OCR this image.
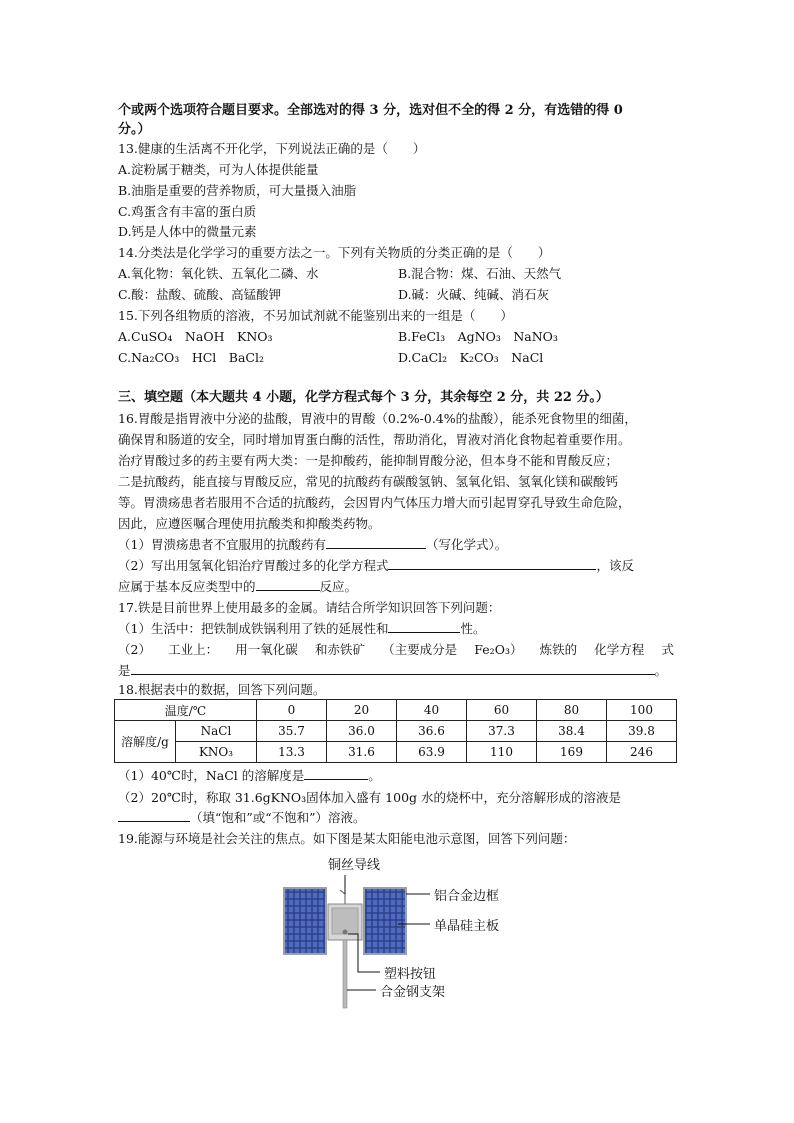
个或两个选项符合题目要求。全部选对的得 3 分，选对但不全的得 2 分，有选错的得 0
分。）
13.健康的生活离不开化学，下列说法正确的是（　　）
A.淀粉属于糖类，可为人体提供能量
B.油脂是重要的营养物质，可大量摄入油脂
C.鸡蛋含有丰富的蛋白质
D.钙是人体中的微量元素
14.分类法是化学学习的重要方法之一。下列有关物质的分类正确的是（　　）
A.氧化物：氧化铁、五氧化二磷、水	B.混合物：煤、石油、天然气
C.酸：盐酸、硫酸、高锰酸钾	D.碱：火碱、纯碱、消石灰
15.下列各组物质的溶液，不另加试剂就不能鉴别出来的一组是（　　）
A.CuSO₄　NaOH　KNO₃	B.FeCl₃　AgNO₃　NaNO₃
C.Na₂CO₃　HCl　BaCl₂	D.CaCl₂　K₂CO₃　NaCl
三、填空题（本大题共 4 小题，化学方程式每个 3 分，其余每空 2 分，共 22 分。）
16.胃酸是指胃液中分泌的盐酸，胃液中的胃酸（0.2%-0.4%的盐酸），能杀死食物里的细菌，
确保胃和肠道的安全，同时增加胃蛋白酶的活性，帮助消化，胃液对消化食物起着重要作用。
治疗胃酸过多的药主要有两大类：一是抑酸药，能抑制胃酸分泌，但本身不能和胃酸反应；
二是抗酸药，能直接与胃酸反应，常见的抗酸药有碳酸氢钠、氢氧化铝、氢氧化镁和碳酸钙
等。胃溃疡患者若服用不合适的抗酸药，会因胃内气体压力增大而引起胃穿孔导致生命危险，
因此，应遵医嘱合理使用抗酸类和抑酸类药物。
（1）胃溃疡患者不宜服用的抗酸药有	（写化学式）。
（2）写出用氢氧化铝治疗胃酸过多的化学方程式	，该反
应属于基本反应类型中的	反应。
17.铁是目前世界上使用最多的金属。请结合所学知识回答下列问题：
（1）生活中：把铁制成铁锅利用了铁的延展性和	性。
（2） 工业上： 用一氧化碳 和赤铁矿 （主要成分是 Fe₂O₃） 炼铁的 化学方程 式
是	。
18.根据表中的数据，回答下列问题。
温度/℃		0	20	40	60	80	100
溶解度/g	NaCl	35.7	36.0	36.6	37.3	38.4	39.8
	KNO₃	13.3	31.6	63.9	110	169	246
（1）40℃时，NaCl 的溶解度是	。
（2）20℃时，称取 31.6gKNO₃固体加入盛有 100g 水的烧杯中，充分溶解形成的溶液是
（填“饱和”或“不饱和”）溶液。
19.能源与环境是社会关注的焦点。如下图是某太阳能电池示意图，回答下列问题：
铜丝导线
铝合金边框
单晶硅主板
塑料按钮
合金钢支架
